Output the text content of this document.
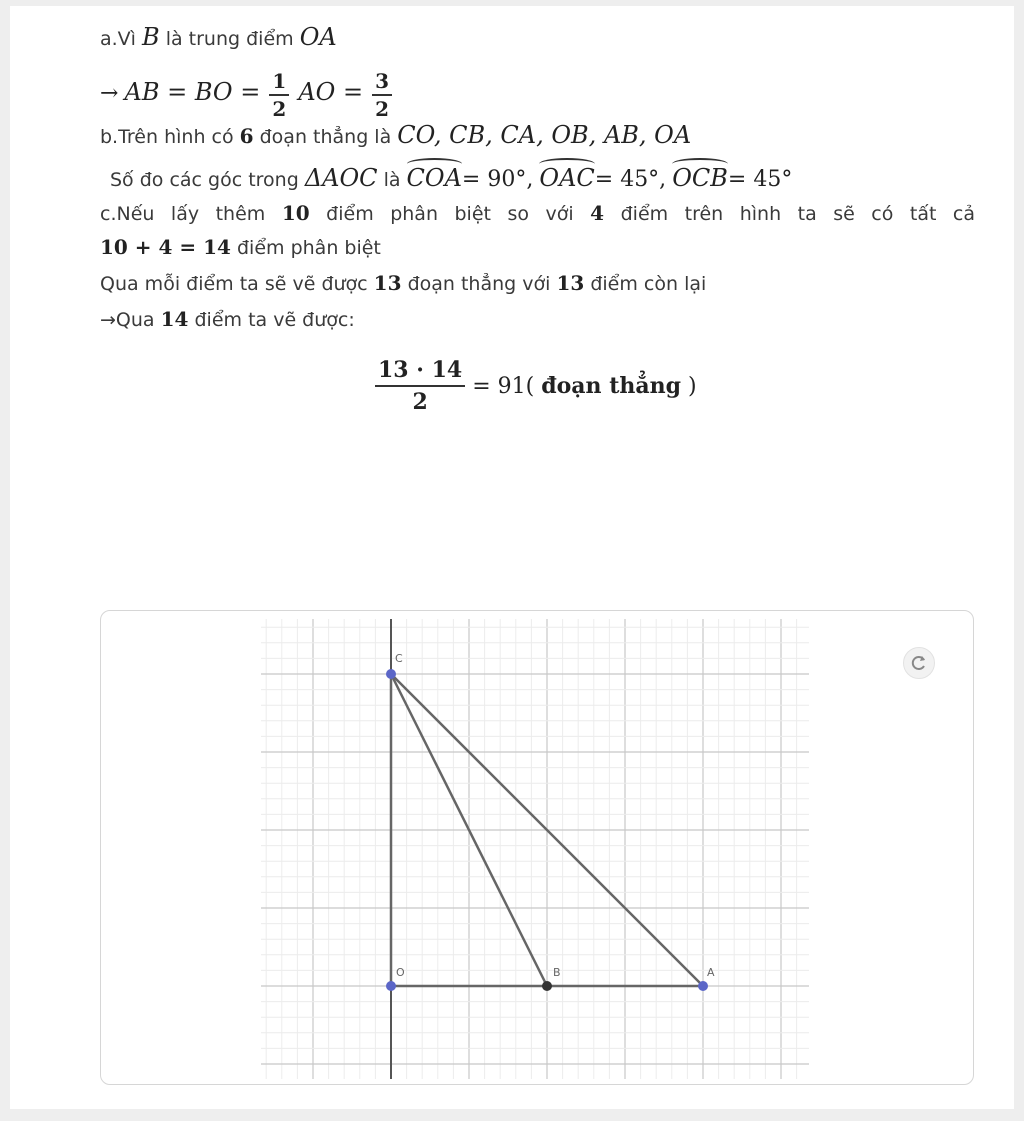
a.Vì B là trung điểm OA
→ AB = BO = $\frac{1}{2}$ AO = $\frac{3}{2}$
b.Trên hình có 6 đoạn thẳng là CO, CB, CA, OB, AB, OA
Số đo các góc trong ΔAOC là COA= 90°, OAC= 45°, OCB= 45°
c.Nếu lấy thêm 10 điểm phân biệt so với 4 điểm trên hình ta sẽ có tất cả
10 + 4 = 14 điểm phân biệt
Qua mỗi điểm ta sẽ vẽ được 13 đoạn thẳng với 13 điểm còn lại
→Qua 14 điểm ta vẽ được:
$\frac{13 \cdot 14}{2} = 91$( đoạn thẳng )
C
O	B	A
